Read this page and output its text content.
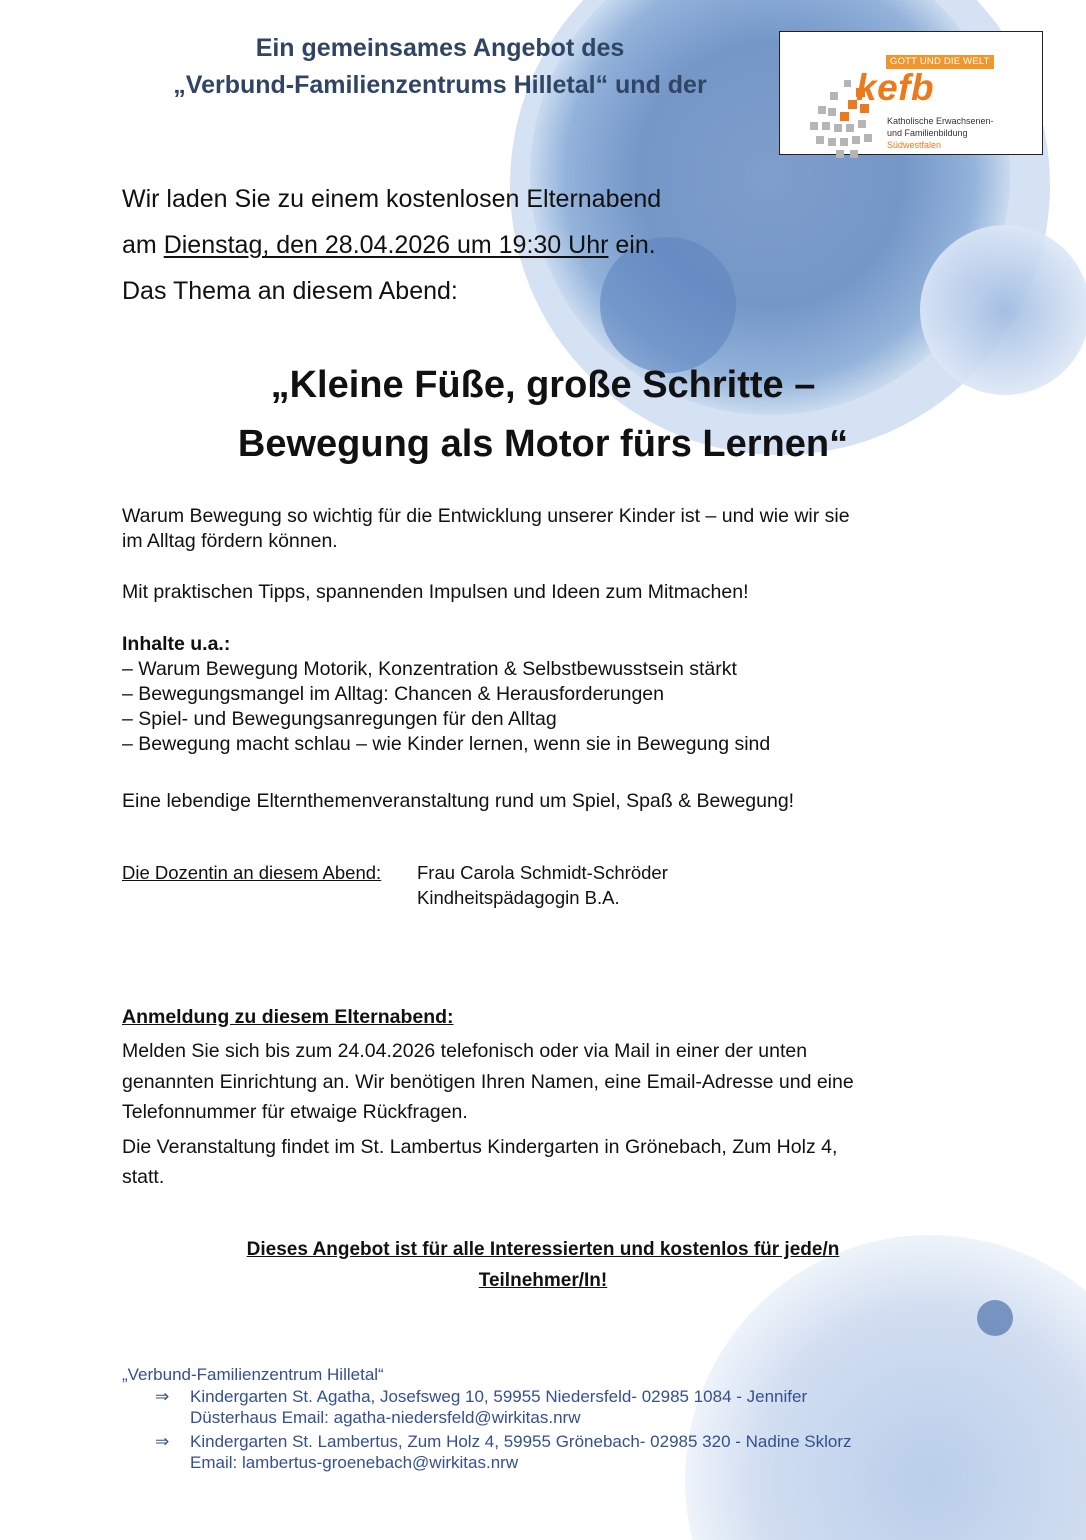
Ein gemeinsames Angebot des
„Verbund-Familienzentrums Hilletal“ und der
GOTT UND DIE WELT
kefb
Katholische Erwachsenen-
und Familienbildung
Südwestfalen
Wir laden Sie zu einem kostenlosen Elternabend
am Dienstag, den 28.04.2026 um 19:30 Uhr ein.
Das Thema an diesem Abend:
„Kleine Füße, große Schritte –
Bewegung als Motor fürs Lernen“
Warum Bewegung so wichtig für die Entwicklung unserer Kinder ist – und wie wir sie
im Alltag fördern können.
Mit praktischen Tipps, spannenden Impulsen und Ideen zum Mitmachen!
Inhalte u.a.:
– Warum Bewegung Motorik, Konzentration & Selbstbewusstsein stärkt
– Bewegungsmangel im Alltag: Chancen & Herausforderungen
– Spiel- und Bewegungsanregungen für den Alltag
– Bewegung macht schlau – wie Kinder lernen, wenn sie in Bewegung sind
Eine lebendige Elternthemenveranstaltung rund um Spiel, Spaß & Bewegung!
Die Dozentin an diesem Abend: Frau Carola Schmidt-Schröder
Kindheitspädagogin B.A.
Anmeldung zu diesem Elternabend:
Melden Sie sich bis zum 24.04.2026 telefonisch oder via Mail in einer der unten
genannten Einrichtung an. Wir benötigen Ihren Namen, eine Email-Adresse und eine
Telefonnummer für etwaige Rückfragen.
Die Veranstaltung findet im St. Lambertus Kindergarten in Grönebach, Zum Holz 4,
statt.
Dieses Angebot ist für alle Interessierten und kostenlos für jede/n
Teilnehmer/In!
„Verbund-Familienzentrum Hilletal“
⇒ Kindergarten St. Agatha, Josefsweg 10, 59955 Niedersfeld- 02985 1084 - Jennifer
Düsterhaus Email: agatha-niedersfeld@wirkitas.nrw
⇒ Kindergarten St. Lambertus, Zum Holz 4, 59955 Grönebach- 02985 320 - Nadine Sklorz
Email: lambertus-groenebach@wirkitas.nrw
